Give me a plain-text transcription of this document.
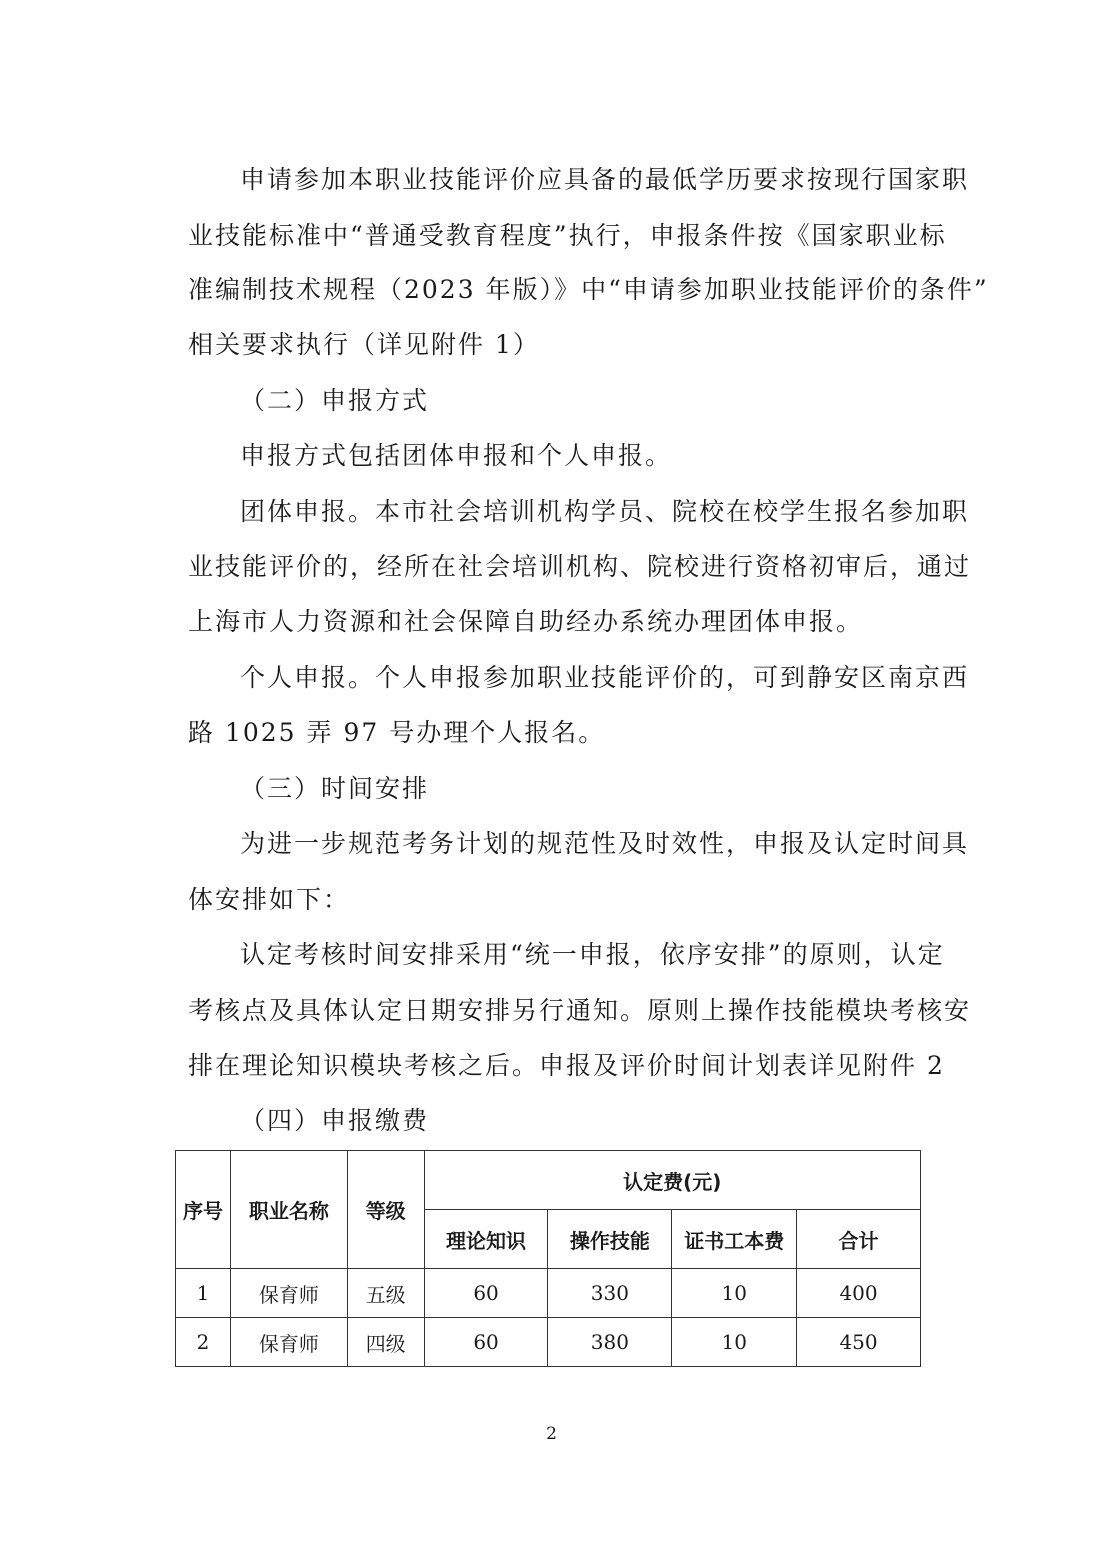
申请参加本职业技能评价应具备的最低学历要求按现行国家职
业技能标准中“普通受教育程度”执行，申报条件按《国家职业标
准编制技术规程（2023 年版）》中“申请参加职业技能评价的条件”
相关要求执行（详见附件 1）
（二）申报方式
申报方式包括团体申报和个人申报。
团体申报。本市社会培训机构学员、院校在校学生报名参加职
业技能评价的，经所在社会培训机构、院校进行资格初审后，通过
上海市人力资源和社会保障自助经办系统办理团体申报。
个人申报。个人申报参加职业技能评价的，可到静安区南京西
路 1025 弄 97 号办理个人报名。
（三）时间安排
为进一步规范考务计划的规范性及时效性，申报及认定时间具
体安排如下：
认定考核时间安排采用“统一申报，依序安排”的原则，认定
考核点及具体认定日期安排另行通知。原则上操作技能模块考核安
排在理论知识模块考核之后。申报及评价时间计划表详见附件 2
（四）申报缴费
序号	职业名称	等级	认定费(元)			
			理论知识	操作技能	证书工本费	合计
1	保育师	五级	60	330	10	400
2	保育师	四级	60	380	10	450
2
